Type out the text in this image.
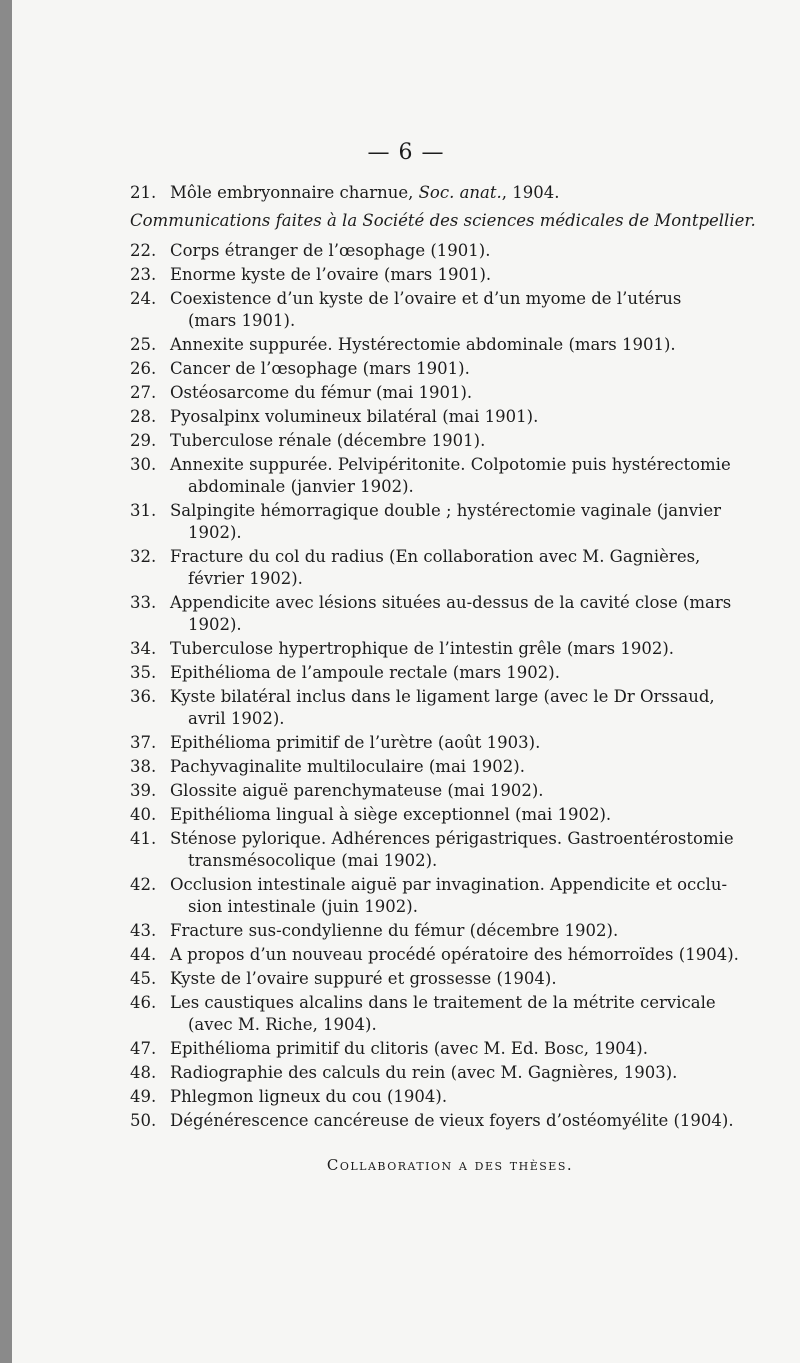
— 6 —
21. Môle embryonnaire charnue, Soc. anat., 1904.
Communications faites à la Société des sciences médicales de Montpellier.
22. Corps étranger de l’œsophage (1901).
23. Enorme kyste de l’ovaire (mars 1901).
24. Coexistence d’un kyste de l’ovaire et d’un myome de l’utérus
(mars 1901).
25. Annexite suppurée. Hystérectomie abdominale (mars 1901).
26. Cancer de l’œsophage (mars 1901).
27. Ostéosarcome du fémur (mai 1901).
28. Pyosalpinx volumineux bilatéral (mai 1901).
29. Tuberculose rénale (décembre 1901).
30. Annexite suppurée. Pelvipéritonite. Colpotomie puis hystérectomie
abdominale (janvier 1902).
31. Salpingite hémorragique double ; hystérectomie vaginale (janvier
1902).
32. Fracture du col du radius (En collaboration avec M. Gagnières,
février 1902).
33. Appendicite avec lésions situées au-dessus de la cavité close (mars
1902).
34. Tuberculose hypertrophique de l’intestin grêle (mars 1902).
35. Epithélioma de l’ampoule rectale (mars 1902).
36. Kyste bilatéral inclus dans le ligament large (avec le Dr Orssaud,
avril 1902).
37. Epithélioma primitif de l’urètre (août 1903).
38. Pachyvaginalite multiloculaire (mai 1902).
39. Glossite aiguë parenchymateuse (mai 1902).
40. Epithélioma lingual à siège exceptionnel (mai 1902).
41. Sténose pylorique. Adhérences périgastriques. Gastroentérostomie
transmésocolique (mai 1902).
42. Occlusion intestinale aiguë par invagination. Appendicite et occlu-
sion intestinale (juin 1902).
43. Fracture sus-condylienne du fémur (décembre 1902).
44. A propos d’un nouveau procédé opératoire des hémorroïdes (1904).
45. Kyste de l’ovaire suppuré et grossesse (1904).
46. Les caustiques alcalins dans le traitement de la métrite cervicale
(avec M. Riche, 1904).
47. Epithélioma primitif du clitoris (avec M. Ed. Bosc, 1904).
48. Radiographie des calculs du rein (avec M. Gagnières, 1903).
49. Phlegmon ligneux du cou (1904).
50. Dégénérescence cancéreuse de vieux foyers d’ostéomyélite (1904).
Collaboration a des thèses.
